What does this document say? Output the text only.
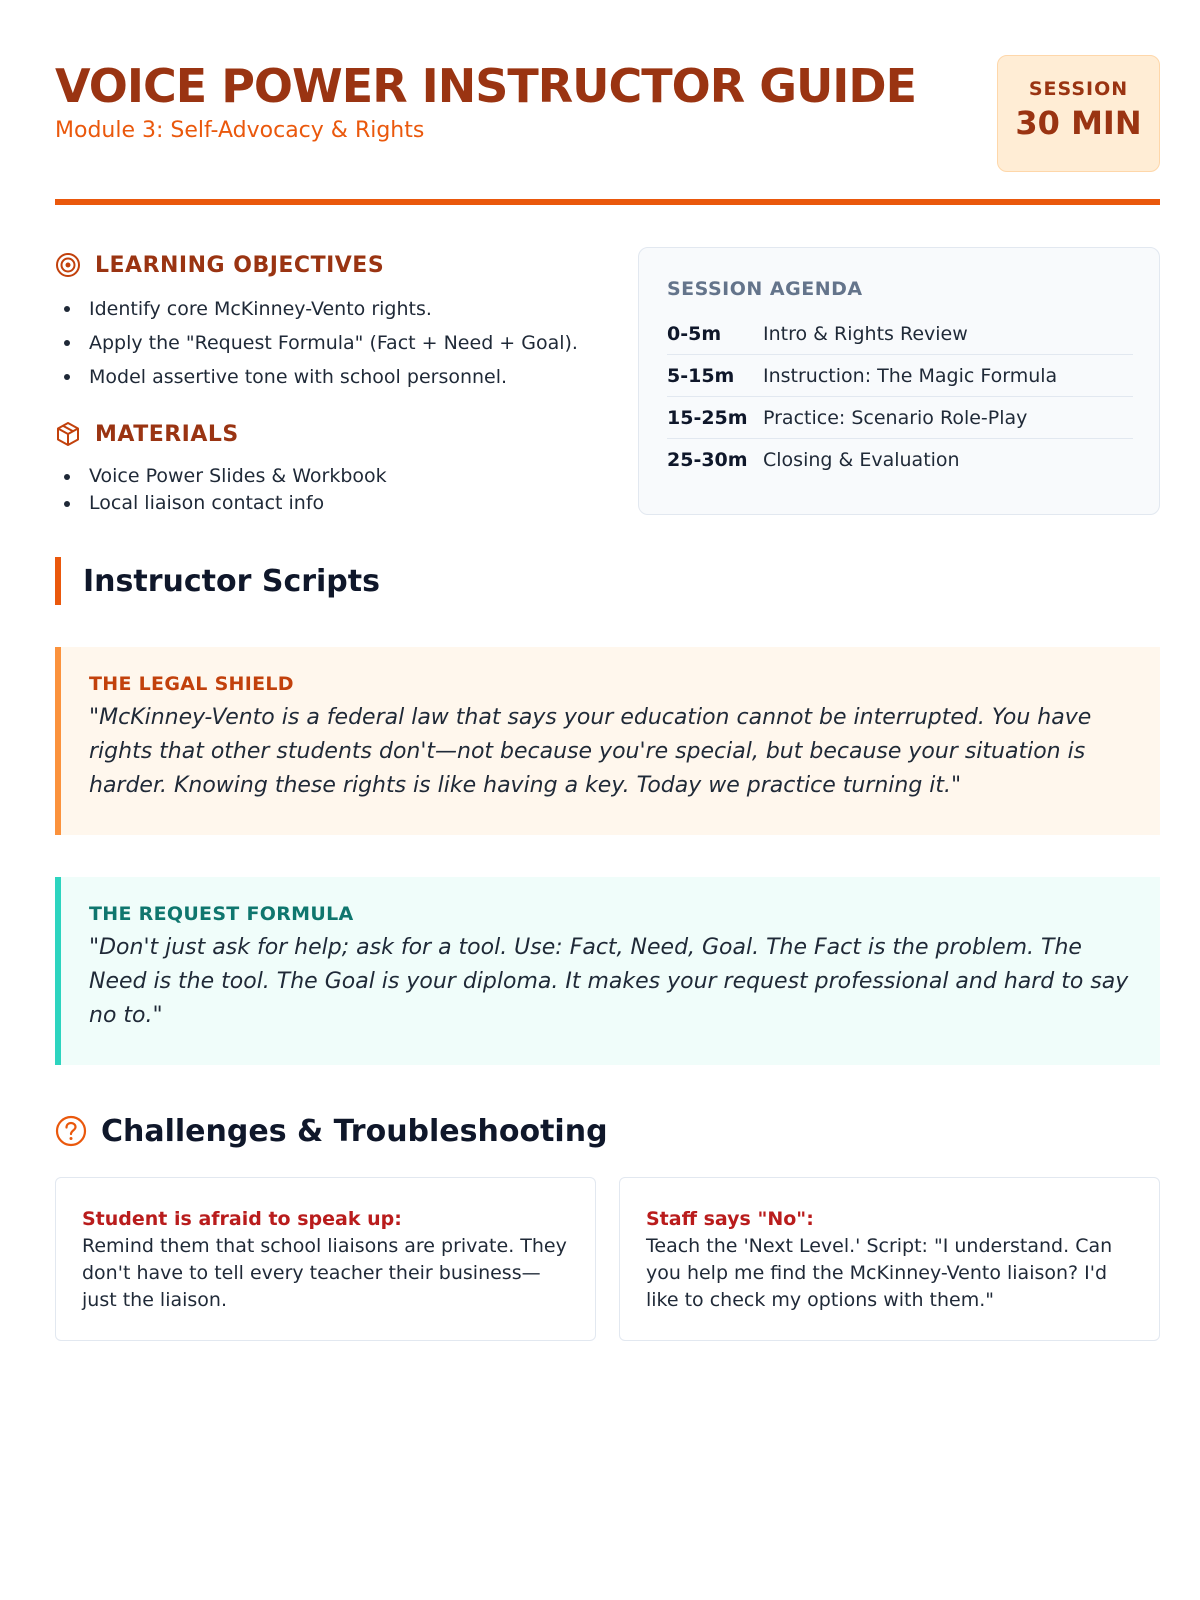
VOICE POWER INSTRUCTOR GUIDE
Module 3: Self-Advocacy & Rights
SESSION
30 MIN
LEARNING OBJECTIVES
Identify core McKinney-Vento rights.
Apply the "Request Formula" (Fact + Need + Goal).
Model assertive tone with school personnel.
MATERIALS
Voice Power Slides & Workbook
Local liaison contact info
SESSION AGENDA
0-5m	Intro & Rights Review
5-15m	Instruction: The Magic Formula
15-25m Practice: Scenario Role-Play
25-30m Closing & Evaluation
Instructor Scripts
THE LEGAL SHIELD
"McKinney-Vento is a federal law that says your education cannot be interrupted. You have rights that other students don't—not because you're special, but because your situation is harder. Knowing these rights is like having a key. Today we practice turning it."
THE REQUEST FORMULA
"Don't just ask for help; ask for a tool. Use: Fact, Need, Goal. The Fact is the problem. The Need is the tool. The Goal is your diploma. It makes your request professional and hard to say no to."
Challenges & Troubleshooting
Student is afraid to speak up:
Remind them that school liaisons are private. They don't have to tell every teacher their business—just the liaison.
Staff says "No":
Teach the 'Next Level.' Script: "I understand. Can you help me find the McKinney-Vento liaison? I'd like to check my options with them."
